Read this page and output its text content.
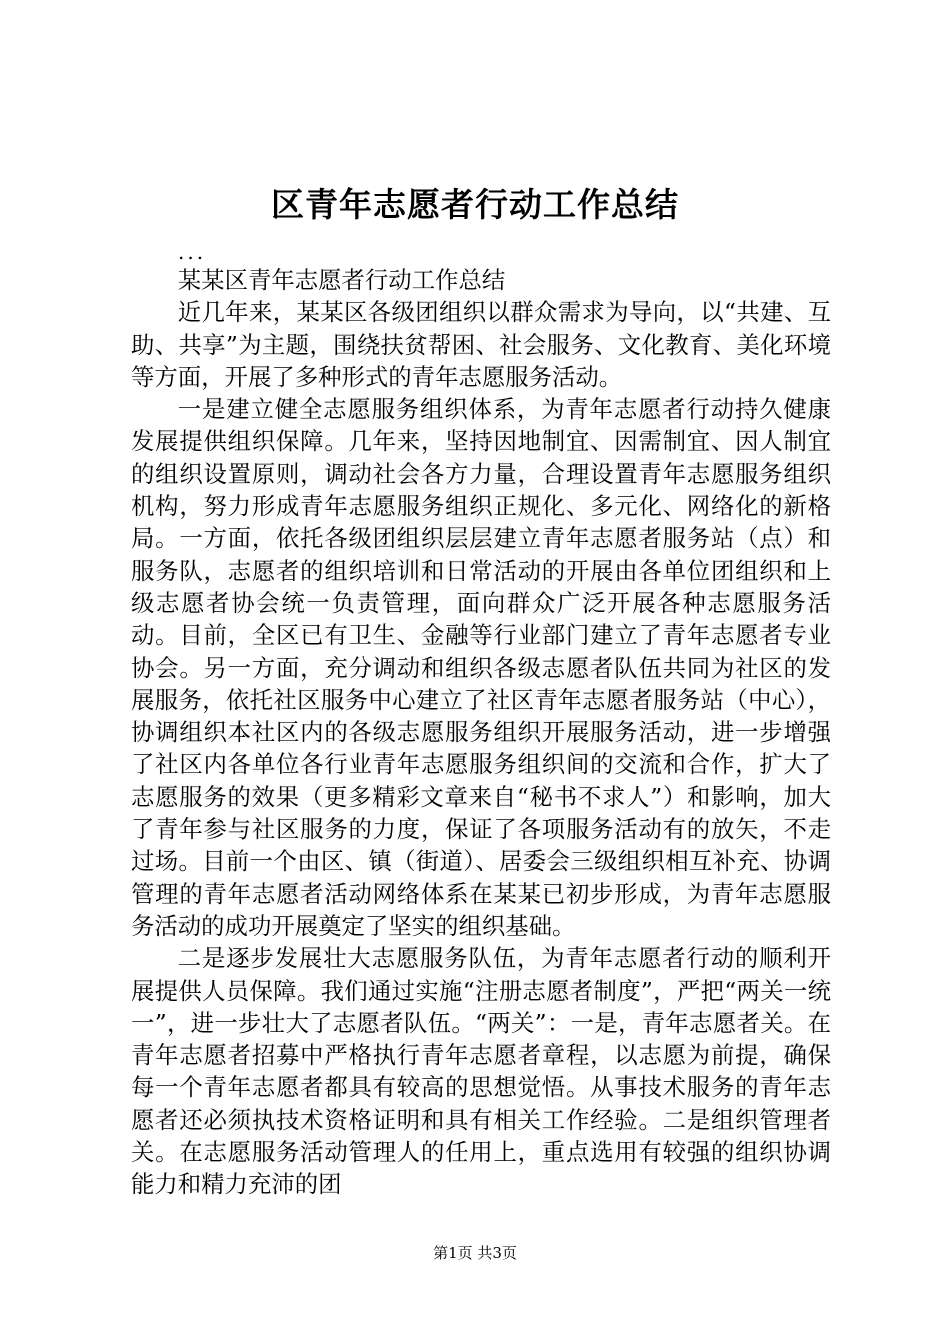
区青年志愿者行动工作总结
...

某某区青年志愿者行动工作总结

近几年来，某某区各级团组织以群众需求为导向，以“共建、互助、共享”为主题，围绕扶贫帮困、社会服务、文化教育、美化环境等方面，开展了多种形式的青年志愿服务活动。

一是建立健全志愿服务组织体系，为青年志愿者行动持久健康发展提供组织保障。几年来，坚持因地制宜、因需制宜、因人制宜的组织设置原则，调动社会各方力量，合理设置青年志愿服务组织机构，努力形成青年志愿服务组织正规化、多元化、网络化的新格局。一方面，依托各级团组织层层建立青年志愿者服务站（点）和服务队，志愿者的组织培训和日常活动的开展由各单位团组织和上级志愿者协会统一负责管理，面向群众广泛开展各种志愿服务活动。目前，全区已有卫生、金融等行业部门建立了青年志愿者专业协会。另一方面，充分调动和组织各级志愿者队伍共同为社区的发展服务，依托社区服务中心建立了社区青年志愿者服务站（中心），协调组织本社区内的各级志愿服务组织开展服务活动，进一步增强了社区内各单位各行业青年志愿服务组织间的交流和合作，扩大了志愿服务的效果（更多精彩文章来自“秘书不求人”）和影响，加大了青年参与社区服务的力度，保证了各项服务活动有的放矢，不走过场。目前一个由区、镇（街道）、居委会三级组织相互补充、协调管理的青年志愿者活动网络体系在某某已初步形成，为青年志愿服务活动的成功开展奠定了坚实的组织基础。

二是逐步发展壮大志愿服务队伍，为青年志愿者行动的顺利开展提供人员保障。我们通过实施“注册志愿者制度”，严把“两关一统一”，进一步壮大了志愿者队伍。“两关”：一是，青年志愿者关。在青年志愿者招募中严格执行青年志愿者章程，以志愿为前提，确保每一个青年志愿者都具有较高的思想觉悟。从事技术服务的青年志愿者还必须执技术资格证明和具有相关工作经验。二是组织管理者关。在志愿服务活动管理人的任用上，重点选用有较强的组织协调能力和精力充沛的团

第1页 共3页
